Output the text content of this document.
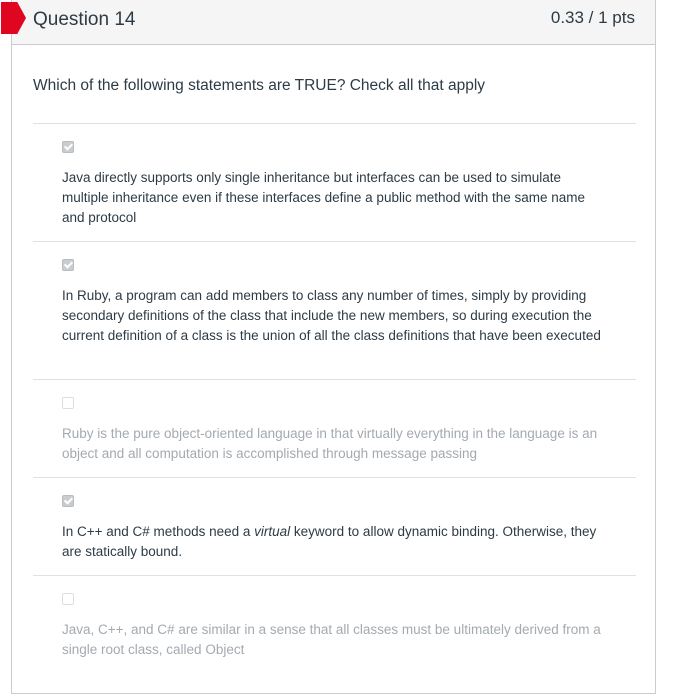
Question 14	0.33 / 1 pts
Which of the following statements are TRUE? Check all that apply
Java directly supports only single inheritance but interfaces can be used to simulate multiple inheritance even if these interfaces define a public method with the same name and protocol
In Ruby, a program can add members to class any number of times, simply by providing secondary definitions of the class that include the new members, so during execution the current definition of a class is the union of all the class definitions that have been executed
Ruby is the pure object-oriented language in that virtually everything in the language is an object and all computation is accomplished through message passing
In C++ and C# methods need a virtual keyword to allow dynamic binding. Otherwise, they are statically bound.
Java, C++, and C# are similar in a sense that all classes must be ultimately derived from a single root class, called Object
